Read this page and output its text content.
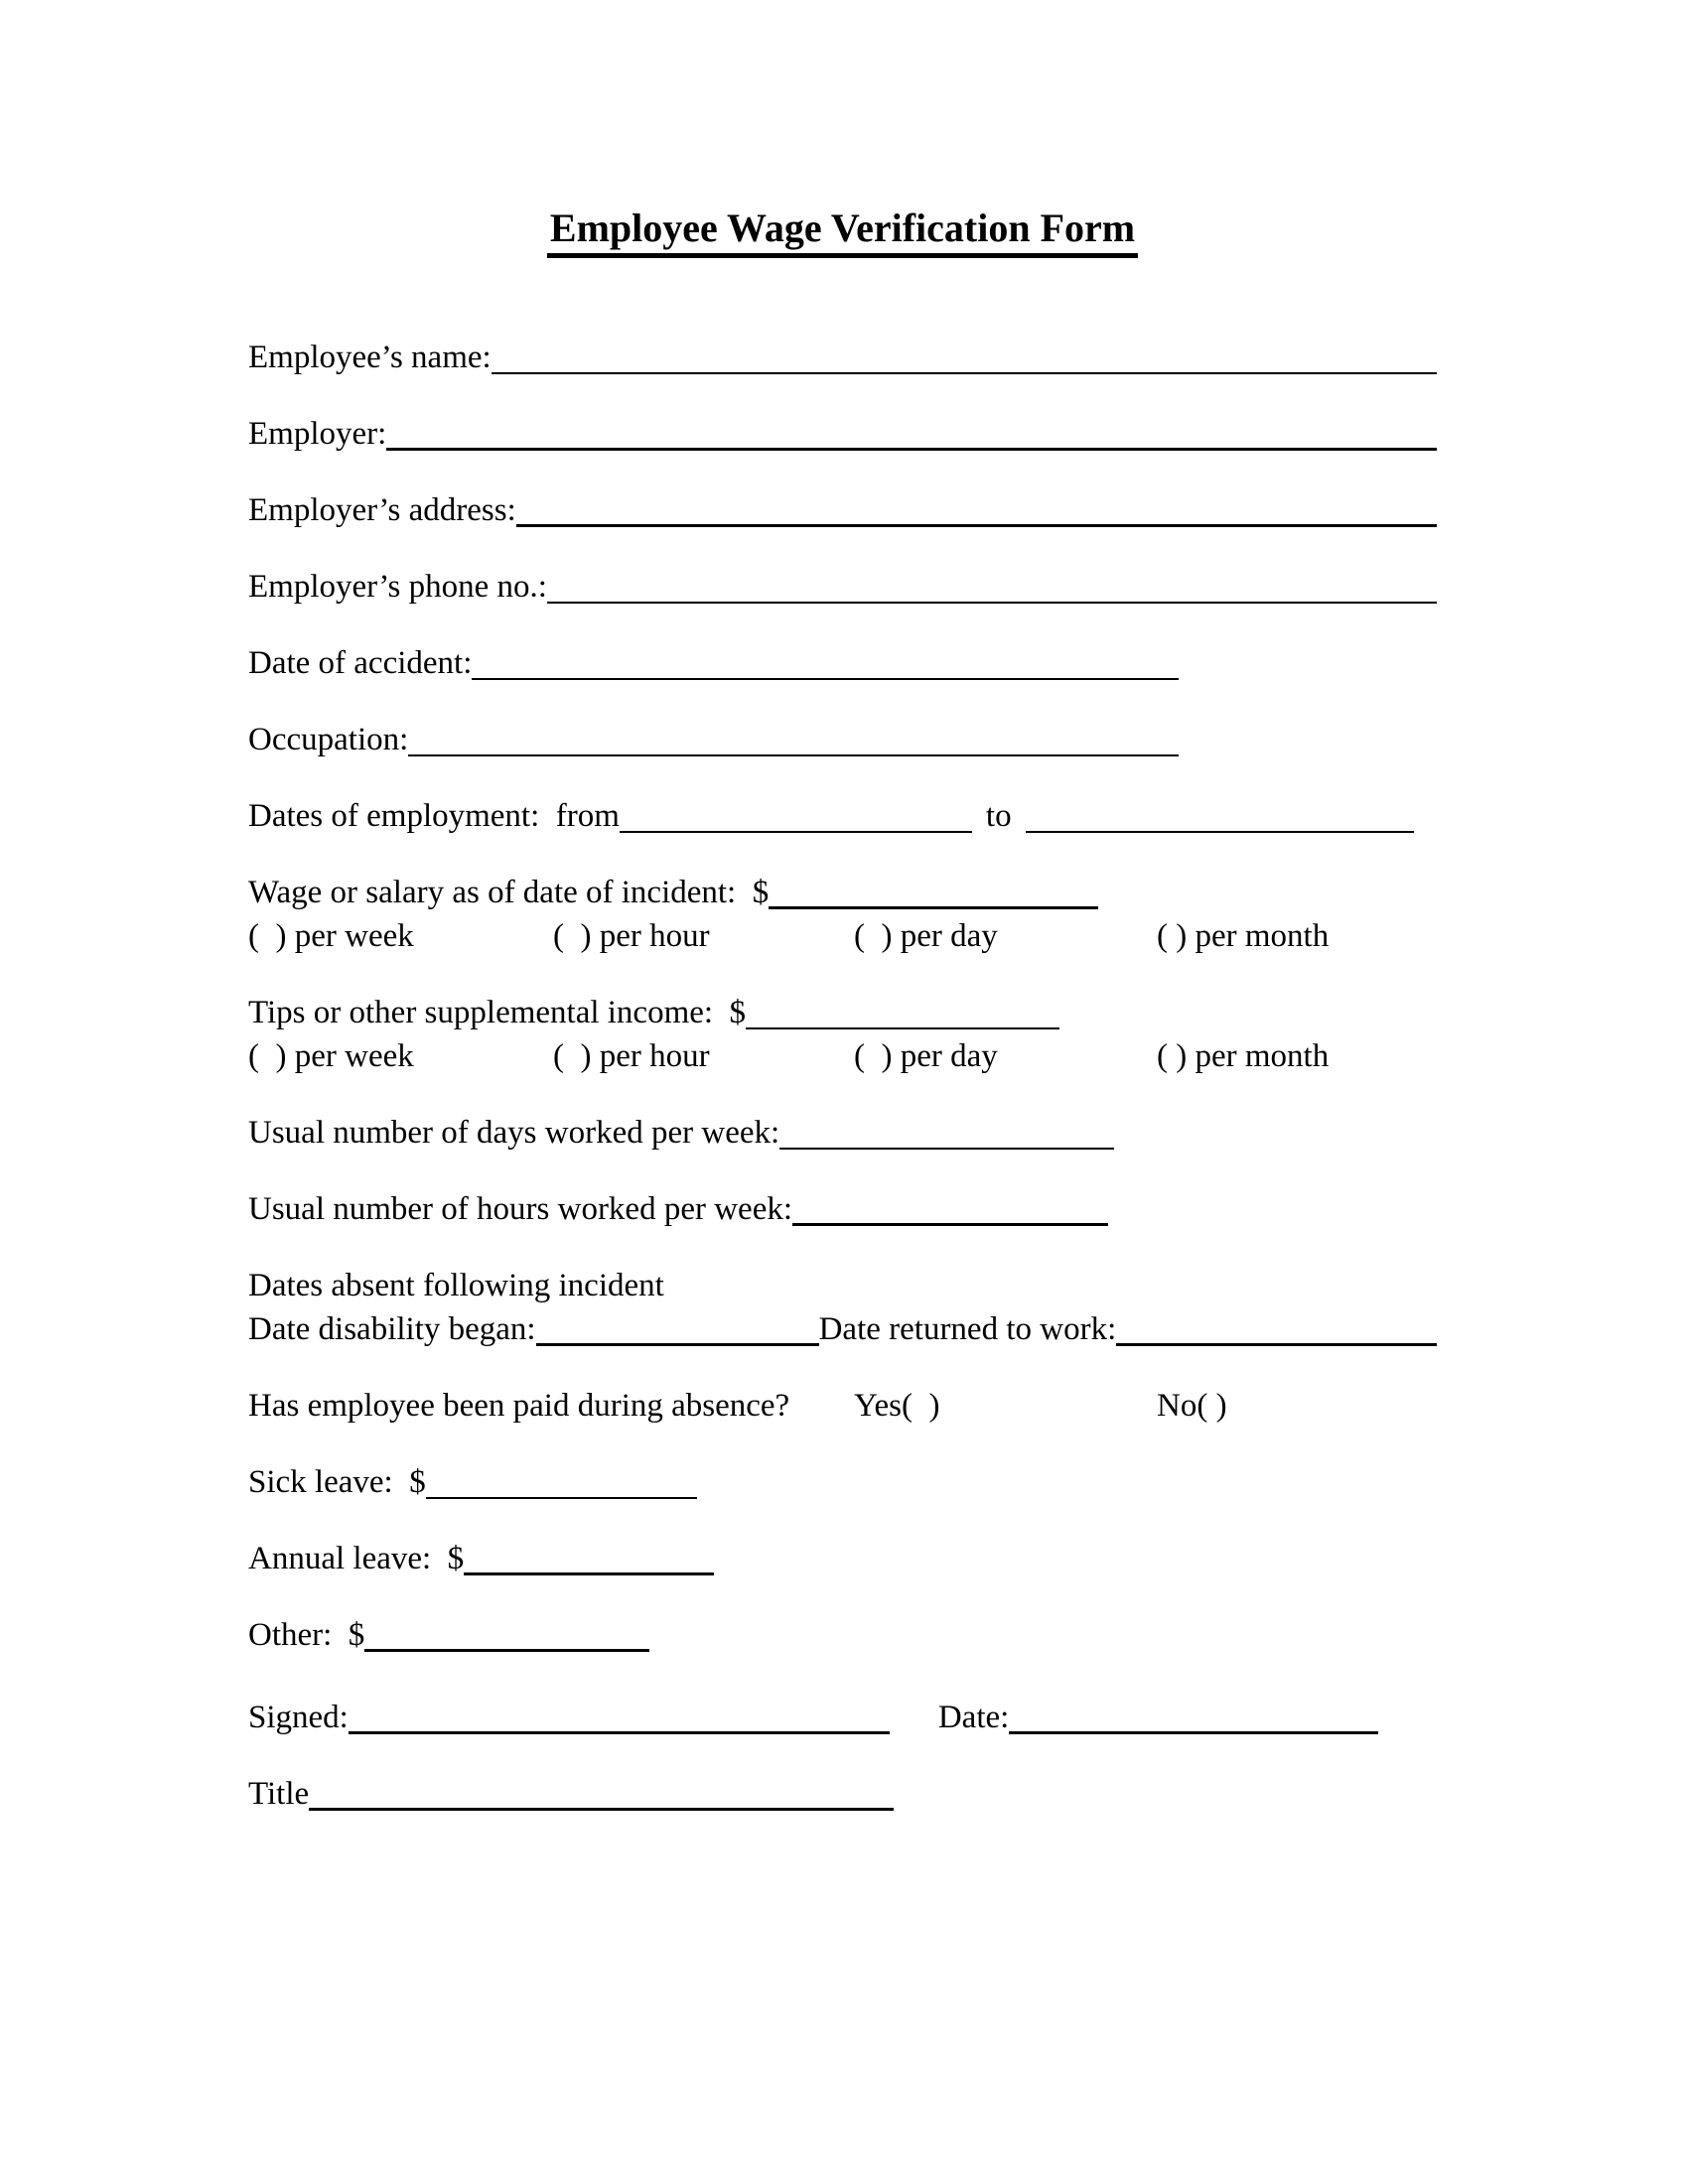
Employee Wage Verification Form
Employee’s name:
Employer:
Employer’s address:
Employer’s phone no.:
Date of accident:
Occupation:
Dates of employment:  from	to
Wage or salary as of date of incident:  $
(  ) per week	(  ) per hour	(  ) per day	( ) per month
Tips or other supplemental income:  $
(  ) per week	(  ) per hour	(  ) per day	( ) per month
Usual number of days worked per week:
Usual number of hours worked per week:
Dates absent following incident
Date disability began:	Date returned to work:
Has employee been paid during absence?	Yes(  )	No( )
Sick leave:  $
Annual leave:  $
Other:  $
Signed:	Date:
Title
